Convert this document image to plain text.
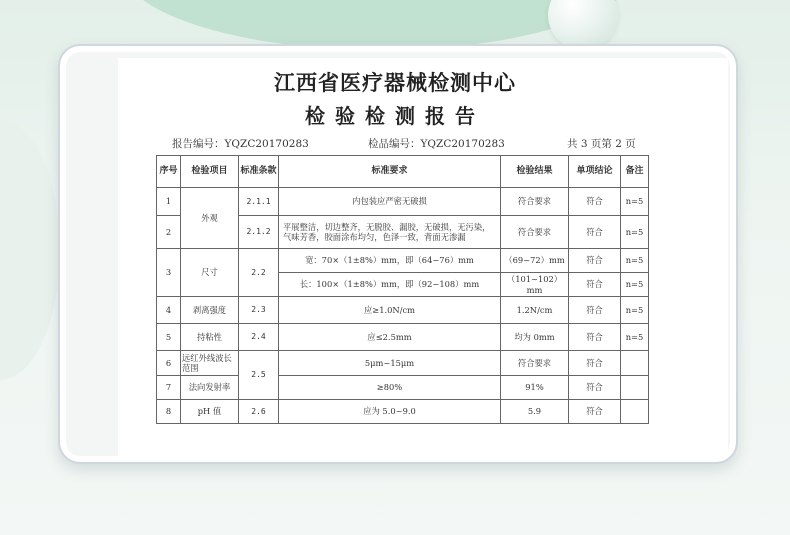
江西省医疗器械检测中心
检验检测报告
报告编号：YQZC20170283	检品编号：YQZC20170283	共 3 页第 2 页
序号	检验项目	标准条款	标准要求	检验结果	单项结论	备注
1	外观	2.1.1	内包装应严密无破损	符合要求	符合	n=5
2		2.1.2	平展整洁，切边整齐，无脱胶、漏胶，无破损，无污染，气味芳香，胶面涂布均匀，色泽一致，背面无渗漏	符合要求	符合	n=5
3	尺寸	2.2	宽：70×（1±8%）mm，即（64~76）mm	（69~72）mm	符合	n=5
			长：100×（1±8%）mm，即（92~108）mm	（101~102）mm	符合	n=5
4	剥离强度	2.3	应≥1.0N/cm	1.2N/cm	符合	n=5
5	持粘性	2.4	应≤2.5mm	均为 0mm	符合	n=5
6	远红外线波长范围	2.5	5μm~15μm	符合要求	符合	
7	法向发射率		≥80%	91%	符合	
8	pH 值	2.6	应为 5.0~9.0	5.9	符合	
